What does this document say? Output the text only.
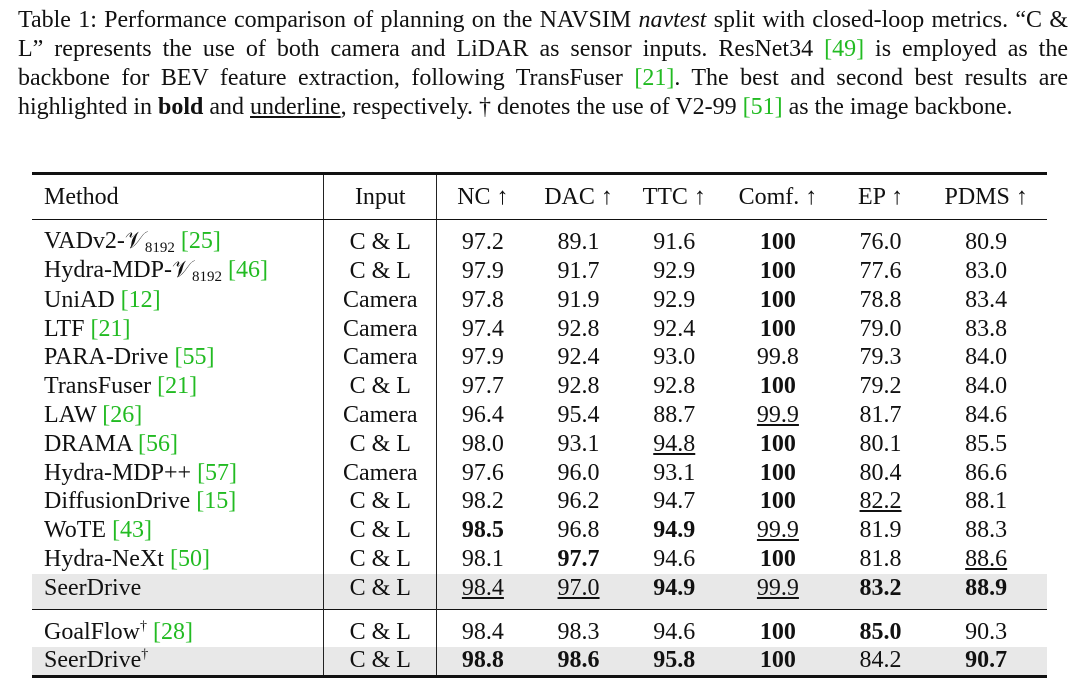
Table 1: Performance comparison of planning on the NAVSIM navtest split with closed-loop metrics. “C & L” represents the use of both camera and LiDAR as sensor inputs. ResNet34 [49] is employed as the backbone for BEV feature extraction, following TransFuser [21]. The best and second best results are highlighted in bold and underline, respectively. † denotes the use of V2-99 [51] as the image backbone.
Method	Input	NC ↑	DAC ↑	TTC ↑	Comf. ↑	EP ↑	PDMS ↑
VADv2-𝒱$_{8192}$ [25]	C & L	97.2	89.1	91.6	100	76.0	80.9
Hydra-MDP-𝒱$_{8192}$ [46]	C & L	97.9	91.7	92.9	100	77.6	83.0
UniAD [12]	Camera	97.8	91.9	92.9	100	78.8	83.4
LTF [21]	Camera	97.4	92.8	92.4	100	79.0	83.8
PARA-Drive [55]	Camera	97.9	92.4	93.0	99.8	79.3	84.0
TransFuser [21]	C & L	97.7	92.8	92.8	100	79.2	84.0
LAW [26]	Camera	96.4	95.4	88.7	99.9	81.7	84.6
DRAMA [56]	C & L	98.0	93.1	94.8	100	80.1	85.5
Hydra-MDP++ [57]	Camera	97.6	96.0	93.1	100	80.4	86.6
DiffusionDrive [15]	C & L	98.2	96.2	94.7	100	82.2	88.1
WoTE [43]	C & L	98.5	96.8	94.9	99.9	81.9	88.3
Hydra-NeXt [50]	C & L	98.1	97.7	94.6	100	81.8	88.6
SeerDrive	C & L	98.4	97.0	94.9	99.9	83.2	88.9
GoalFlow† [28]	C & L	98.4	98.3	94.6	100	85.0	90.3
SeerDrive†	C & L	98.8	98.6	95.8	100	84.2	90.7
